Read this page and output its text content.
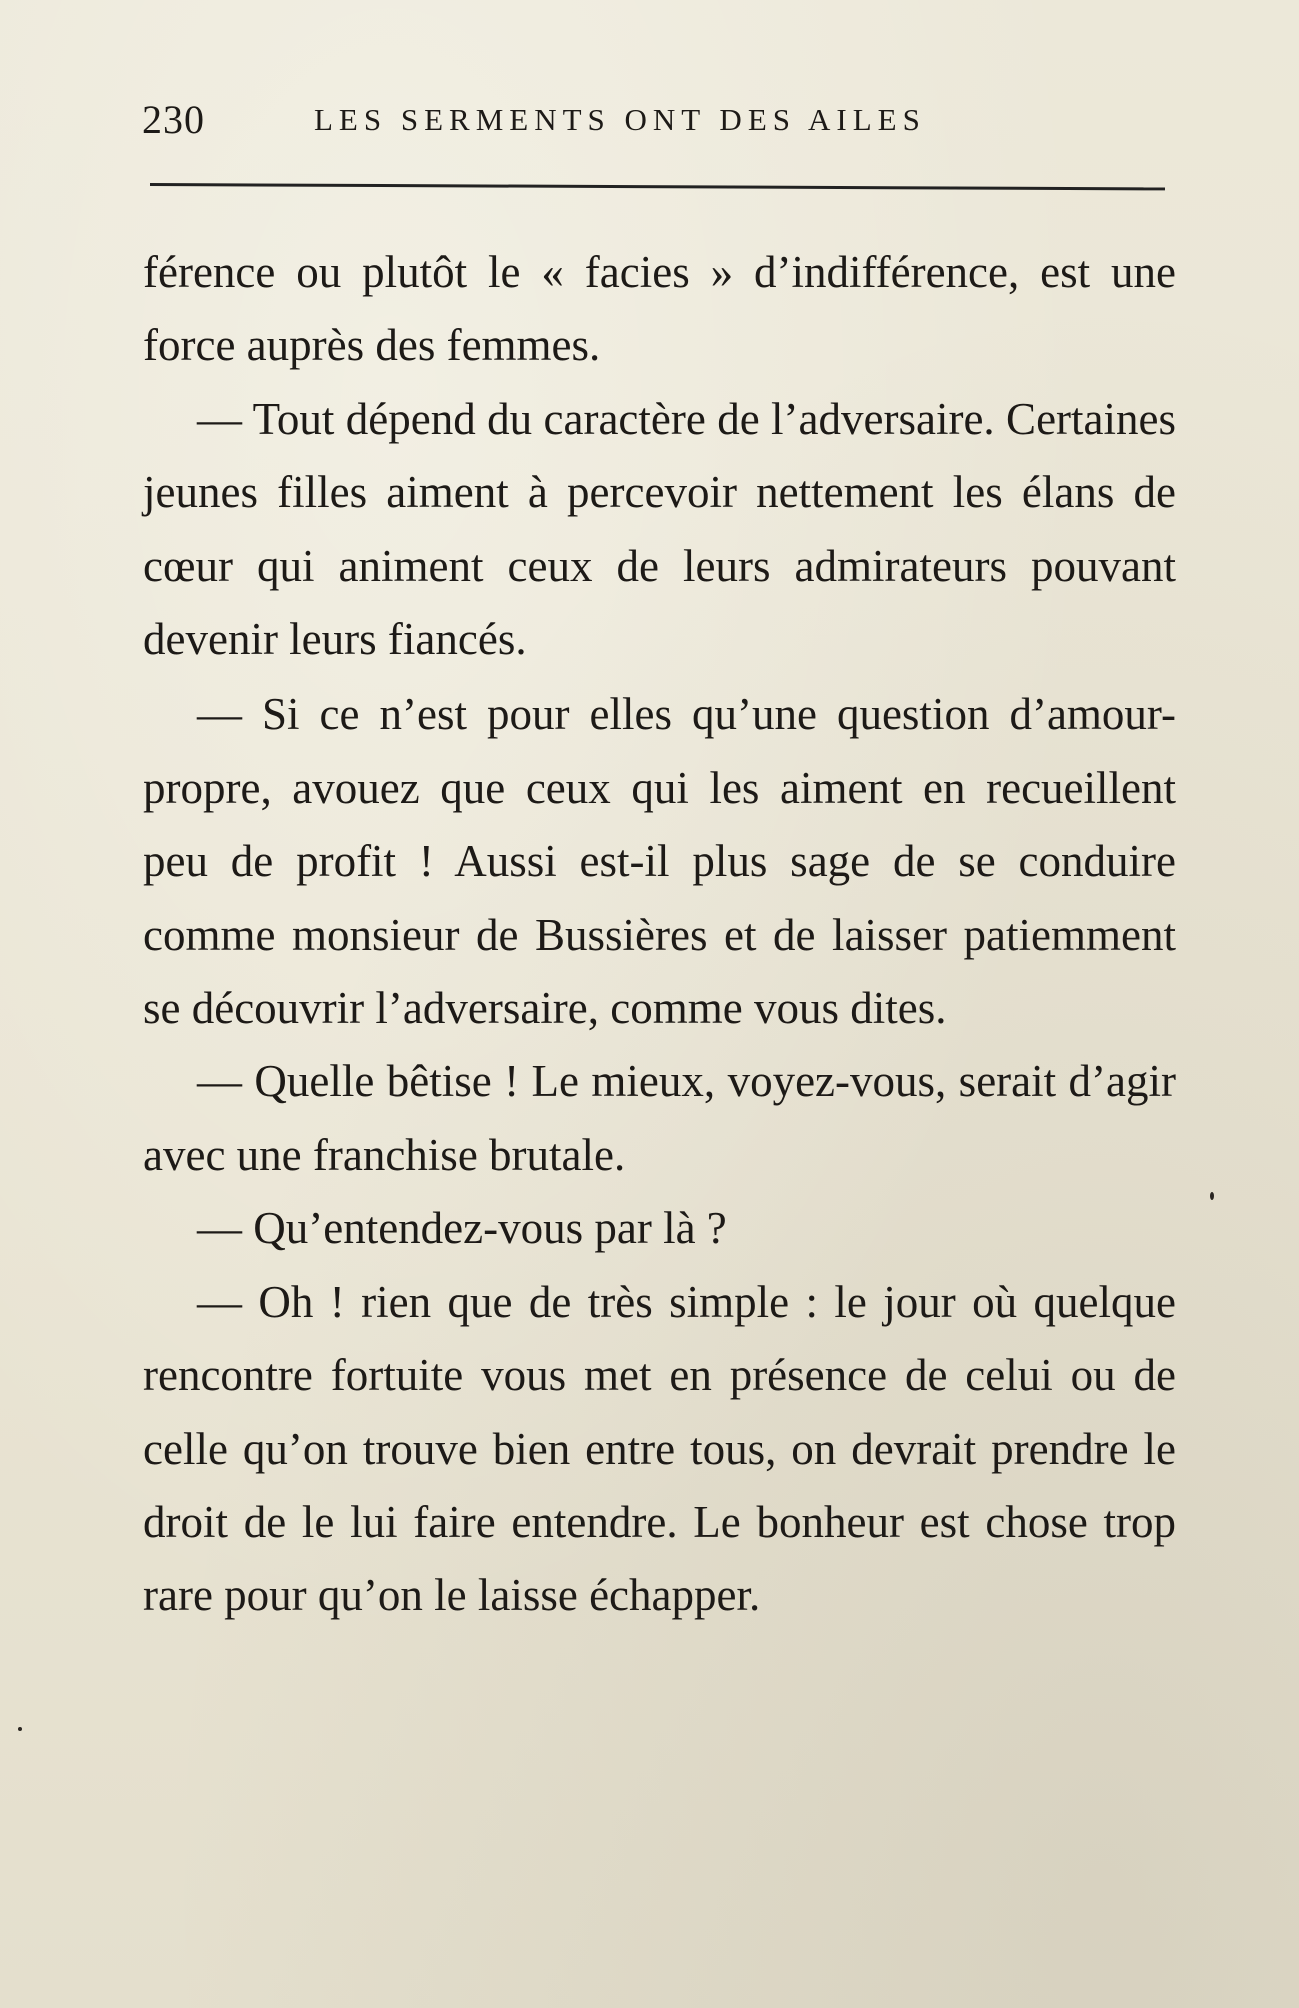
230	LES SERMENTS ONT DES AILES

férence ou plutôt le « facies » d’indifférence, est une force auprès des femmes.

— Tout dépend du caractère de l’adversaire. Certaines jeunes filles aiment à percevoir nettement les élans de cœur qui animent ceux de leurs admirateurs pouvant devenir leurs fiancés.

— Si ce n’est pour elles qu’une question d’amour-propre, avouez que ceux qui les aiment en recueillent peu de profit ! Aussi est-il plus sage de se conduire comme monsieur de Bussières et de laisser patiemment se découvrir l’adversaire, comme vous dites.

— Quelle bêtise ! Le mieux, voyez-vous, serait d’agir avec une franchise brutale.

— Qu’entendez-vous par là ?

— Oh ! rien que de très simple : le jour où quelque rencontre fortuite vous met en présence de celui ou de celle qu’on trouve bien entre tous, on devrait prendre le droit de le lui faire entendre. Le bonheur est chose trop rare pour qu’on le laisse échapper.
